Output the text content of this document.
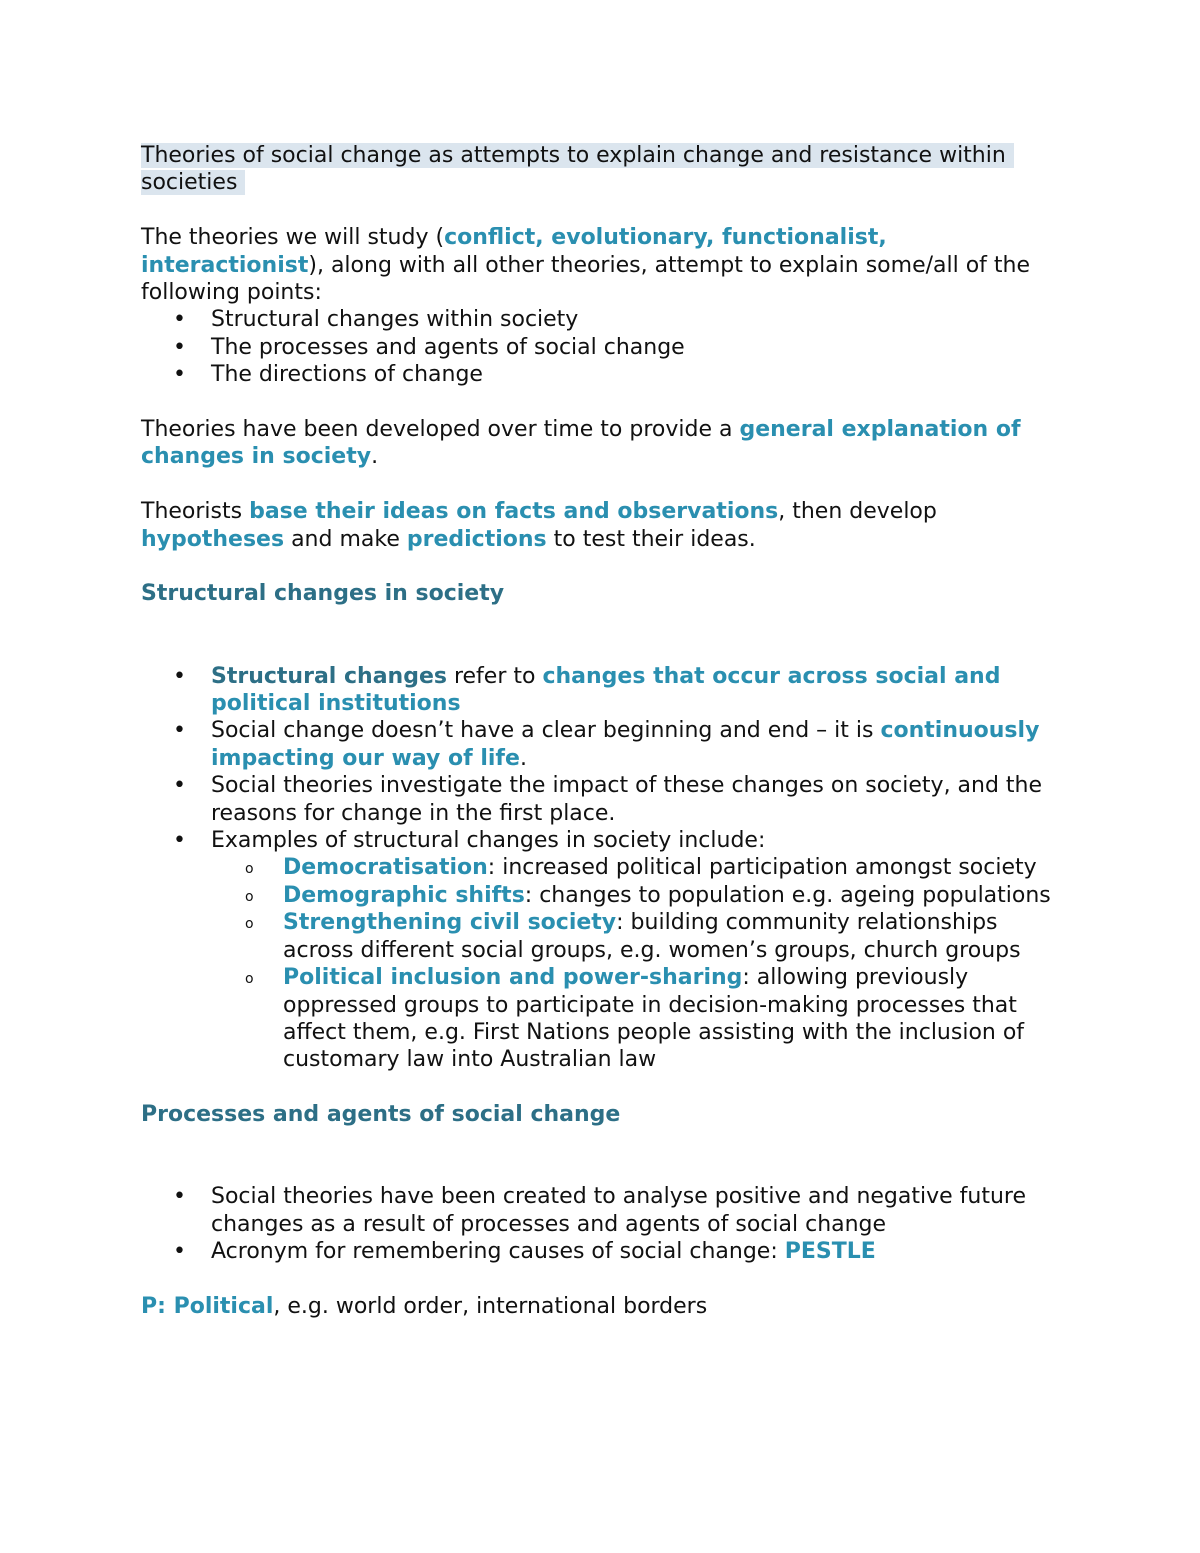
Theories of social change as attempts to explain change and resistance within societies

The theories we will study (conflict, evolutionary, functionalist, interactionist), along with all other theories, attempt to explain some/all of the following points:

• Structural changes within society
• The processes and agents of social change
• The directions of change

Theories have been developed over time to provide a general explanation of changes in society.

Theorists base their ideas on facts and observations, then develop hypotheses and make predictions to test their ideas.

Structural changes in society

• Structural changes refer to changes that occur across social and political institutions
• Social change doesn’t have a clear beginning and end – it is continuously impacting our way of life.
• Social theories investigate the impact of these changes on society, and the reasons for change in the first place.
• Examples of structural changes in society include:
o Democratisation: increased political participation amongst society
o Demographic shifts: changes to population e.g. ageing populations
o Strengthening civil society: building community relationships across different social groups, e.g. women’s groups, church groups
o Political inclusion and power-sharing: allowing previously oppressed groups to participate in decision-making processes that affect them, e.g. First Nations people assisting with the inclusion of customary law into Australian law

Processes and agents of social change

• Social theories have been created to analyse positive and negative future changes as a result of processes and agents of social change
• Acronym for remembering causes of social change: PESTLE

P: Political, e.g. world order, international borders
